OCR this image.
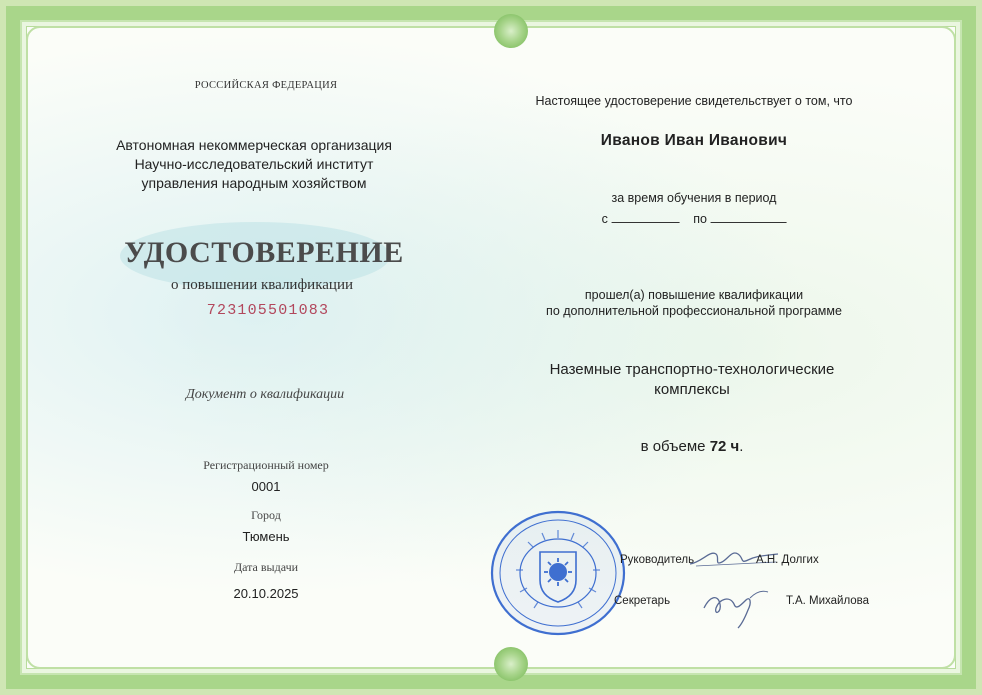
РОССИЙСКАЯ ФЕДЕРАЦИЯ
Автономная некоммерческая организация
Научно-исследовательский институт
управления народным хозяйством
УДОСТОВЕРЕНИЕ
о повышении квалификации
723105501083
Документ о квалификации
Регистрационный номер
0001
Город
Тюмень
Дата выдачи
20.10.2025
Настоящее удостоверение свидетельствует о том, что
Иванов Иван Иванович
за время обучения в период
с	по
прошел(а) повышение квалификации
по дополнительной профессиональной программе
Наземные транспортно-технологические
комплексы
в объеме 72 ч.
Руководитель	А.Н. Долгих
Секретарь	Т.А. Михайлова
